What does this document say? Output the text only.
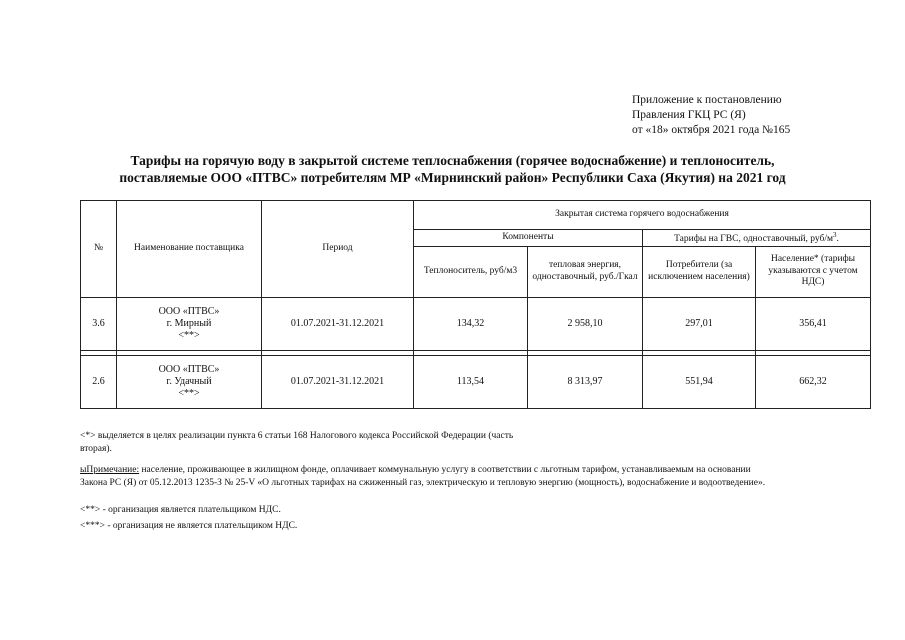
Приложение к постановлению
Правления ГКЦ РС (Я)
от «18» октября 2021 года №165
Тарифы на горячую воду в закрытой системе теплоснабжения (горячее водоснабжение) и теплоноситель,
поставляемые ООО «ПТВС» потребителям МР «Мирнинский район» Республики Саха (Якутия) на 2021 год
№	Наименование поставщика	Период	Закрытая система горячего водоснабжения			
			Компоненты		Тарифы на ГВС, одноставочный, руб/$м^3$.	
			Теплоноситель, руб/м3	тепловая энергия, одноставочный, руб./Гкал	Потребители (за исключением населения)	Население* (тарифы указываются с учетом НДС)
3.6	ООО «ПТВС»
г. Мирный
<**>	01.07.2021-31.12.2021	134,32	2 958,10	297,01	356,41

2.6	ООО «ПТВС»
г. Удачный
<**>	01.07.2021-31.12.2021	113,54	8 313,97	551,94	662,32
<*> выделяется в целях реализации пункта 6 статьи 168 Налогового кодекса Российской Федерации (часть
вторая).
ыПримечание: население, проживающее в жилищном фонде, оплачивает коммунальную услугу в соответствии с льготным тарифом, устанавливаемым на основании
Закона РС (Я) от 05.12.2013 1235-З № 25-V «О льготных тарифах на сжиженный газ, электрическую и тепловую энергию (мощность), водоснабжение и водоотведение».
<**> - организация является плательщиком НДС.
<***> - организация не является плательщиком НДС.
